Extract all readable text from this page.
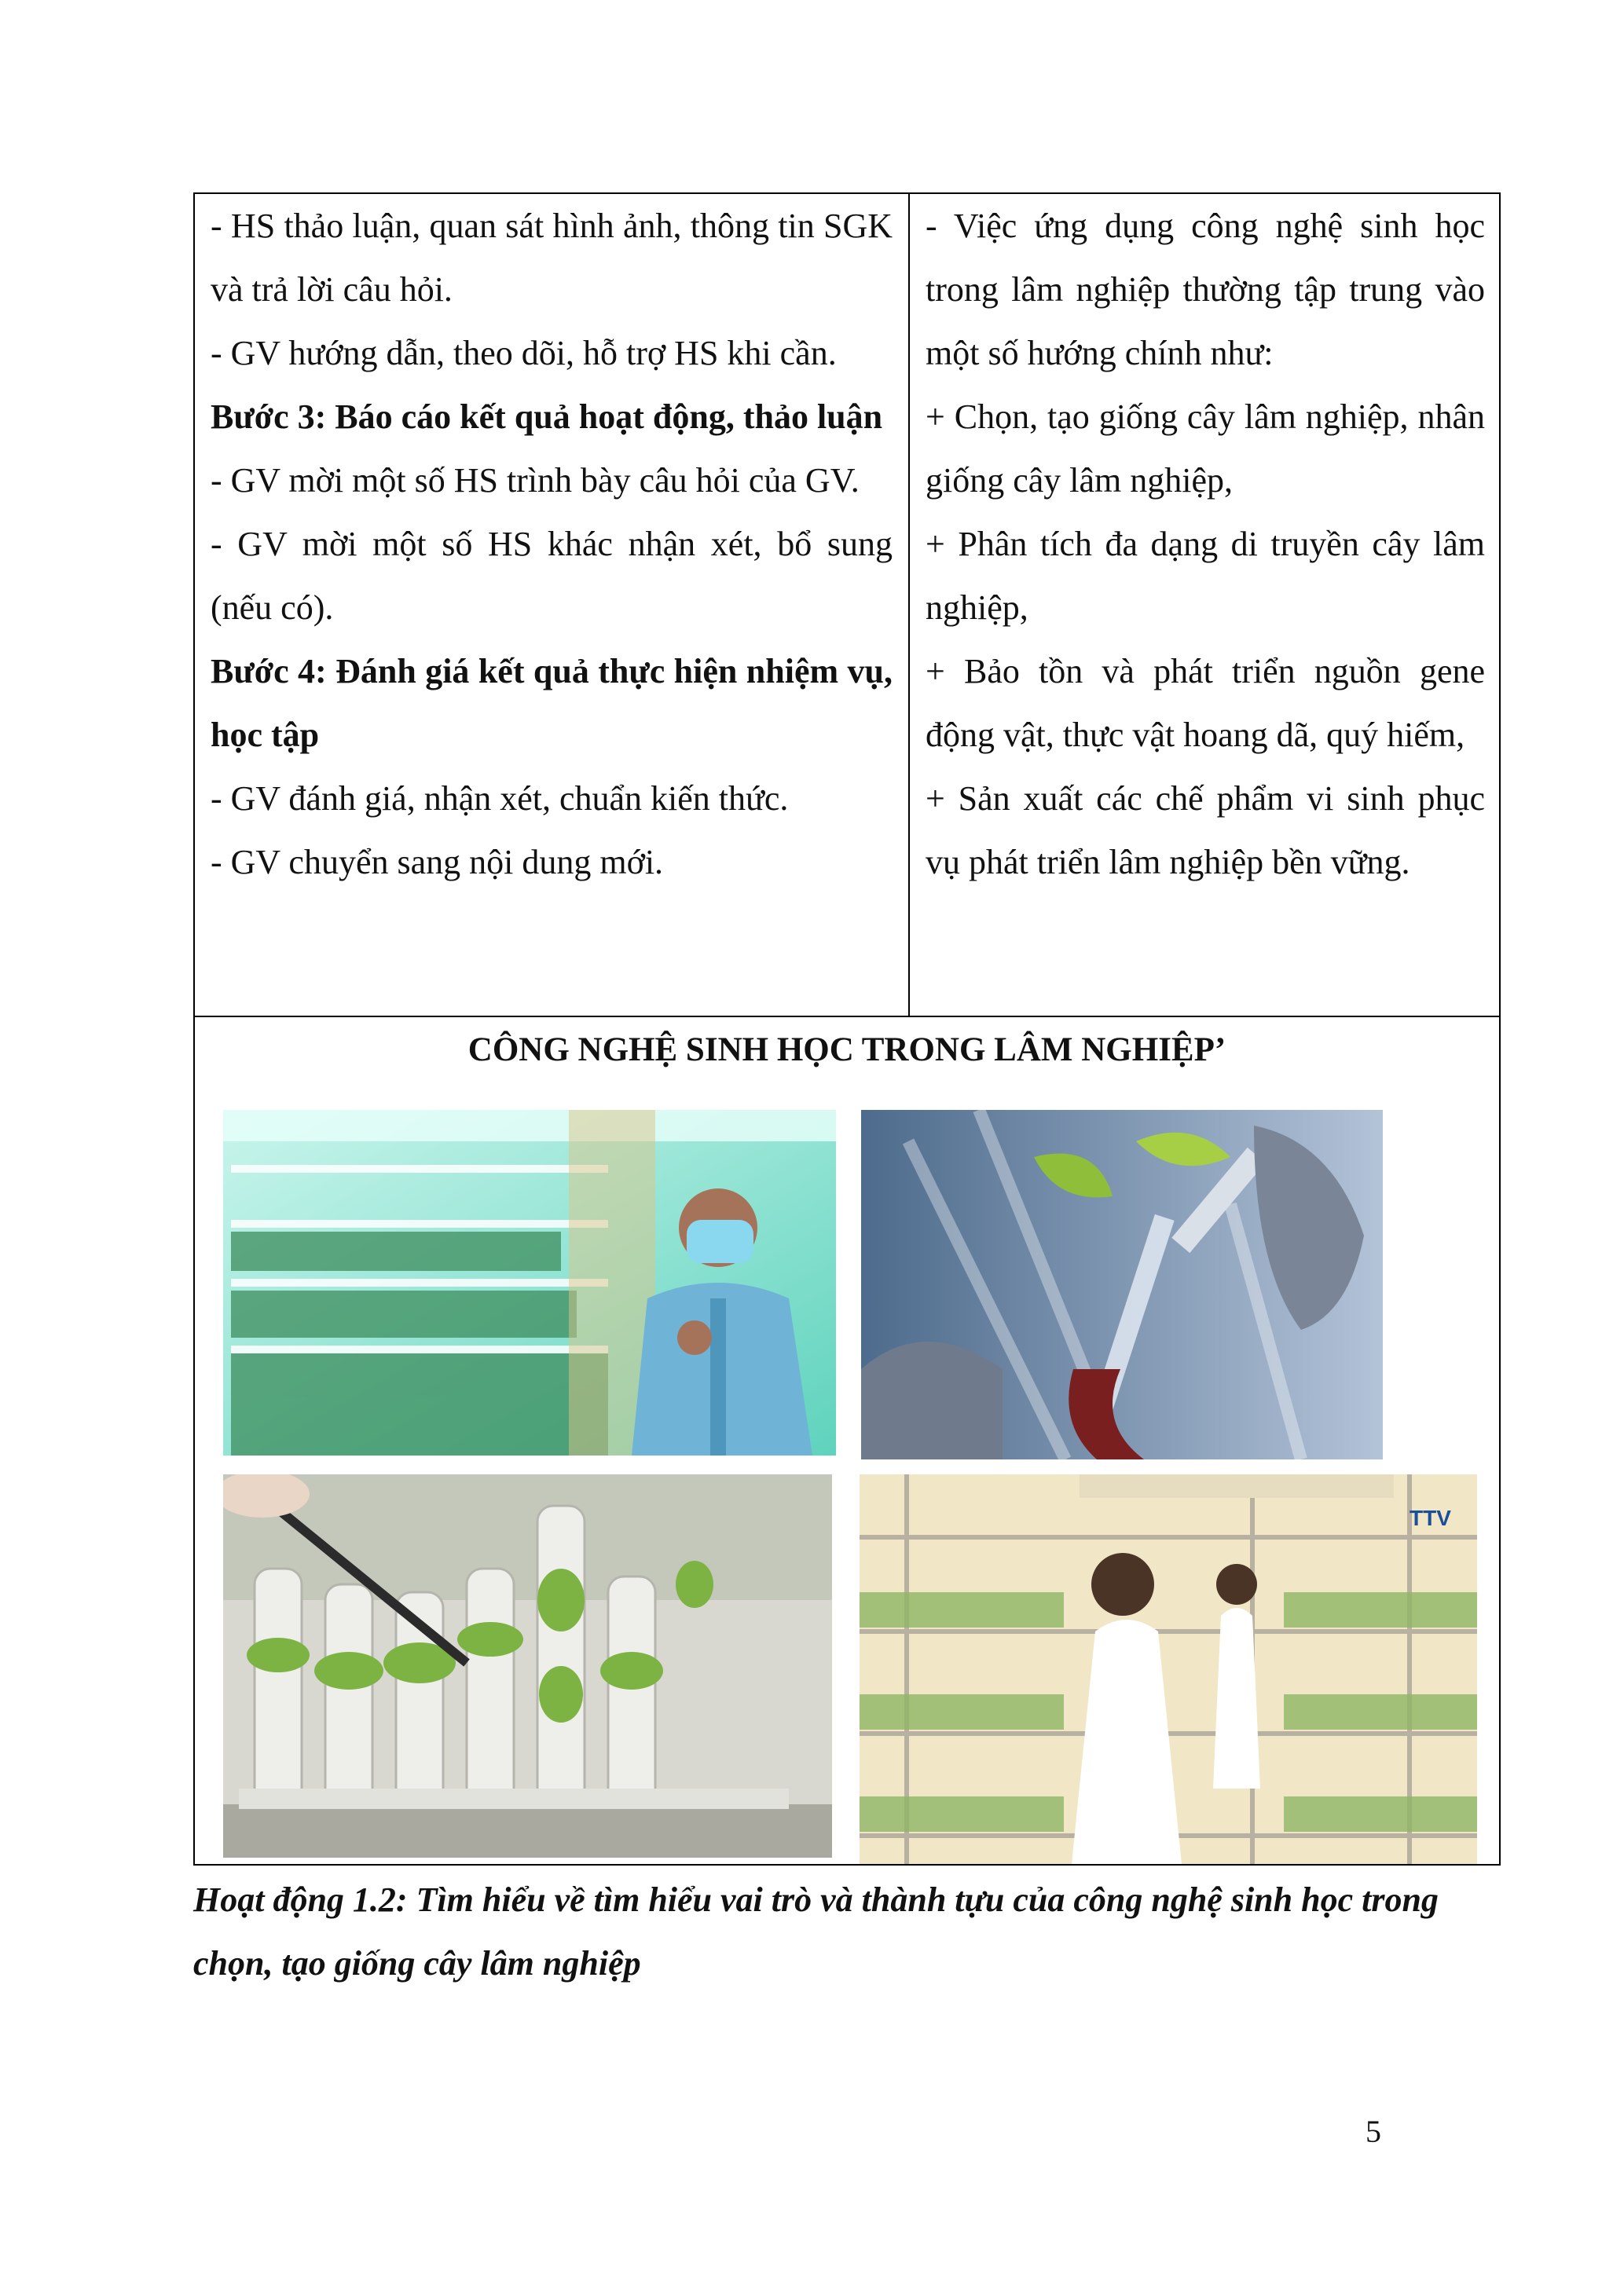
- HS thảo luận, quan sát hình ảnh, thông tin SGK và trả lời câu hỏi.

- GV hướng dẫn, theo dõi, hỗ trợ HS khi cần.

Bước 3: Báo cáo kết quả hoạt động, thảo luận

- GV mời một số HS trình bày câu hỏi của GV.

- GV mời một số HS khác nhận xét, bổ sung (nếu có).

Bước 4: Đánh giá kết quả thực hiện nhiệm vụ, học tập

- GV đánh giá, nhận xét, chuẩn kiến thức.

- GV chuyển sang nội dung mới.

- Việc ứng dụng công nghệ sinh học trong lâm nghiệp thường tập trung vào một số hướng chính như:

+ Chọn, tạo giống cây lâm nghiệp, nhân giống cây lâm nghiệp,

+ Phân tích đa dạng di truyền cây lâm nghiệp,

+ Bảo tồn và phát triển nguồn gene động vật, thực vật hoang dã, quý hiếm,

+ Sản xuất các chế phẩm vi sinh phục vụ phát triển lâm nghiệp bền vững.

CÔNG NGHỆ SINH HỌC TRONG LÂM NGHIỆP’
TTV
Hoạt động 1.2: Tìm hiểu về tìm hiểu vai trò và thành tựu của công nghệ sinh học trong chọn, tạo giống cây lâm nghiệp
5
